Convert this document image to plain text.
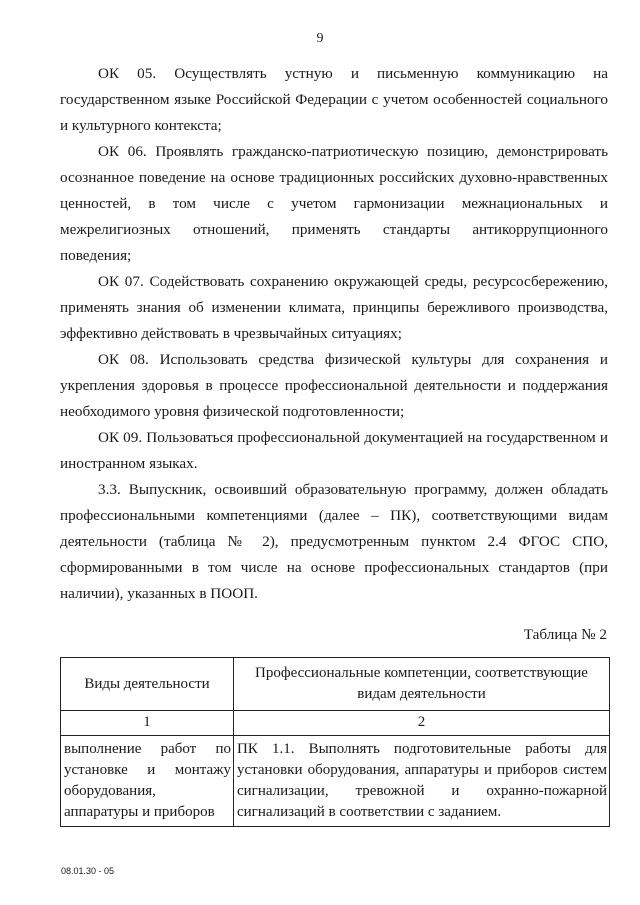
9

ОК 05. Осуществлять устную и письменную коммуникацию на государственном языке Российской Федерации с учетом особенностей социального и культурного контекста;

ОК 06. Проявлять гражданско-патриотическую позицию, демонстрировать осознанное поведение на основе традиционных российских духовно-нравственных ценностей, в том числе с учетом гармонизации межнациональных и межрелигиозных отношений, применять стандарты антикоррупционного поведения;

ОК 07. Содействовать сохранению окружающей среды, ресурсосбережению, применять знания об изменении климата, принципы бережливого производства, эффективно действовать в чрезвычайных ситуациях;

ОК 08. Использовать средства физической культуры для сохранения и укрепления здоровья в процессе профессиональной деятельности и поддержания необходимого уровня физической подготовленности;

ОК 09. Пользоваться профессиональной документацией на государственном и иностранном языках.

3.3. Выпускник, освоивший образовательную программу, должен обладать профессиональными компетенциями (далее – ПК), соответствующими видам деятельности (таблица № 2), предусмотренным пунктом 2.4 ФГОС СПО, сформированными в том числе на основе профессиональных стандартов (при наличии), указанных в ПООП.

Таблица № 2
Виды деятельности	Профессиональные компетенции, соответствующие видам деятельности
1	2
выполнение работ по установке и монтажу оборудования, аппаратуры и приборов	ПК 1.1. Выполнять подготовительные работы для установки оборудования, аппаратуры и приборов систем сигнализации, тревожной и охранно-пожарной сигнализаций в соответствии с заданием.
08.01.30 - 05
